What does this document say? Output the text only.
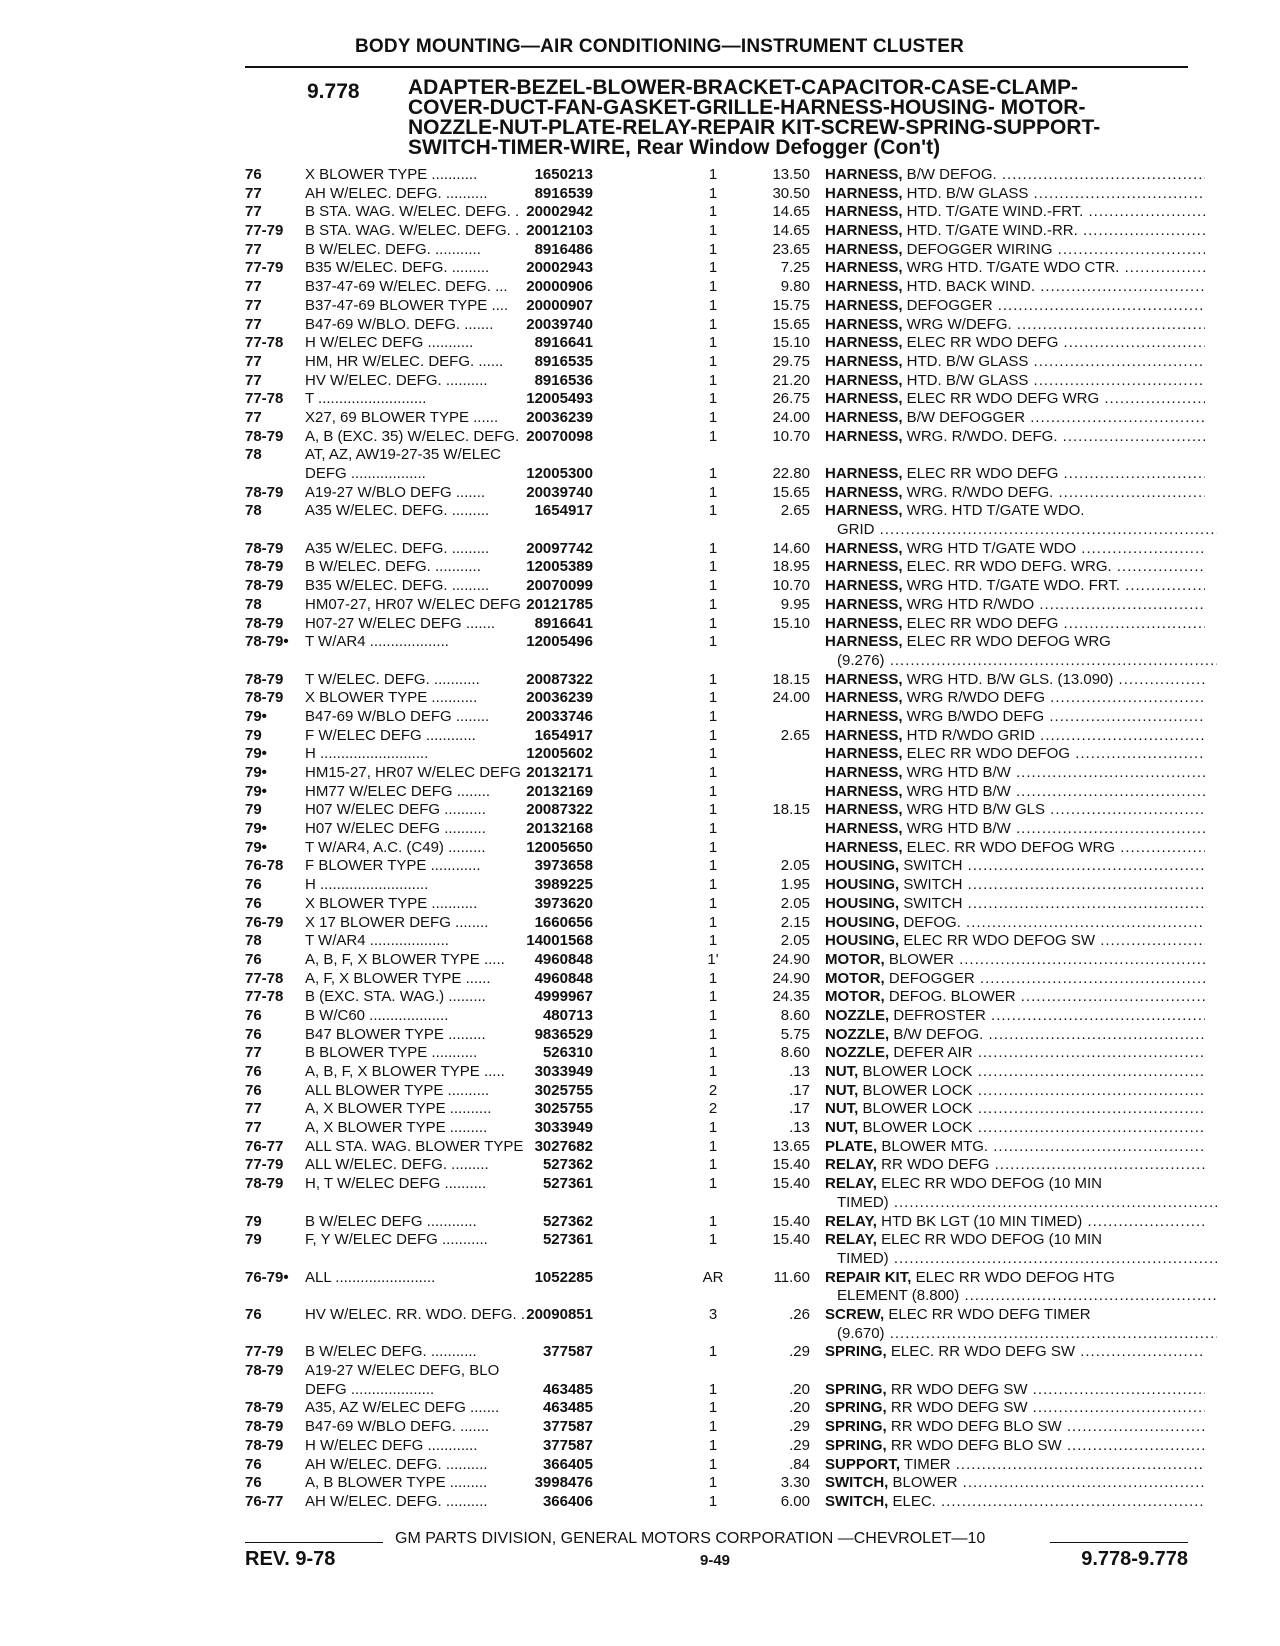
BODY MOUNTING—AIR CONDITIONING—INSTRUMENT CLUSTER
9.778 ADAPTER-BEZEL-BLOWER-BRACKET-CAPACITOR-CASE-CLAMP-
COVER-DUCT-FAN-GASKET-GRILLE-HARNESS-HOUSING- MOTOR-
NOZZLE-NUT-PLATE-RELAY-REPAIR KIT-SCREW-SPRING-SUPPORT-
SWITCH-TIMER-WIRE, Rear Window Defogger (Con't)
76	X BLOWER TYPE ...........	1650213	1	13.50 HARNESS, B/W DEFOG. .....
77	AH W/ELEC. DEFG. ..........	8916539	1	30.50 HARNESS, HTD. B/W GLASS .....
77	B STA. WAG. W/ELEC. DEFG. . 20002942	1	14.65 HARNESS, HTD. T/GATE WIND.-FRT. .....
77-79 B STA. WAG. W/ELEC. DEFG. . 20012103	1	14.65 HARNESS, HTD. T/GATE WIND.-RR. .....
77	B W/ELEC. DEFG. ...........	8916486	1	23.65 HARNESS, DEFOGGER WIRING .....
77-79 B35 W/ELEC. DEFG. .........	20002943	1	7.25 HARNESS, WRG HTD. T/GATE WDO CTR. .....
77	B37-47-69 W/ELEC. DEFG. ...	20000906	1	9.80 HARNESS, HTD. BACK WIND. .....
77	B37-47-69 BLOWER TYPE ....	20000907	1	15.75 HARNESS, DEFOGGER .....
77	B47-69 W/BLO. DEFG. .......	20039740	1	15.65 HARNESS, WRG W/DEFG. .....
77-78 H W/ELEC DEFG ...........	8916641	1	15.10 HARNESS, ELEC RR WDO DEFG .....
77	HM, HR W/ELEC. DEFG. ......	8916535	1	29.75 HARNESS, HTD. B/W GLASS .....
77	HV W/ELEC. DEFG. ..........	8916536	1	21.20 HARNESS, HTD. B/W GLASS .....
77-78 T ..........................	12005493	1	26.75 HARNESS, ELEC RR WDO DEFG WRG .....
77	X27, 69 BLOWER TYPE ......	20036239	1	24.00 HARNESS, B/W DEFOGGER .....
78-79 A, B (EXC. 35) W/ELEC. DEFG. 20070098	1	10.70 HARNESS, WRG. R/WDO. DEFG. .....
78	AT, AZ, AW19-27-35 W/ELEC
DEFG ..................	12005300	1	22.80 HARNESS, ELEC RR WDO DEFG .....
78-79 A19-27 W/BLO DEFG .......	20039740	1	15.65 HARNESS, WRG. R/WDO DEFG. .....
78	A35 W/ELEC. DEFG. .........	1654917	1	2.65 HARNESS, WRG. HTD T/GATE WDO.
GRID .....
78-79 A35 W/ELEC. DEFG. .........	20097742	1	14.60 HARNESS, WRG HTD T/GATE WDO .....
78-79 B W/ELEC. DEFG. ...........	12005389	1	18.95 HARNESS, ELEC. RR WDO DEFG. WRG. .....
78-79 B35 W/ELEC. DEFG. .........	20070099	1	10.70 HARNESS, WRG HTD. T/GATE WDO. FRT. .....
78	HM07-27, HR07 W/ELEC DEFG 20121785	1	9.95 HARNESS, WRG HTD R/WDO .....
78-79 H07-27 W/ELEC DEFG .......	8916641	1	15.10 HARNESS, ELEC RR WDO DEFG .....
78-79• T W/AR4 ...................	12005496	1	HARNESS, ELEC RR WDO DEFOG WRG
(9.276) .....
78-79 T W/ELEC. DEFG. ...........	20087322	1	18.15 HARNESS, WRG HTD. B/W GLS. (13.090) .....
78-79 X BLOWER TYPE ...........	20036239	1	24.00 HARNESS, WRG R/WDO DEFG .....
79•	B47-69 W/BLO DEFG ........	20033746	1	HARNESS, WRG B/WDO DEFG .....
79	F W/ELEC DEFG ............	1654917	1	2.65 HARNESS, HTD R/WDO GRID .....
79•	H ..........................	12005602	1	HARNESS, ELEC RR WDO DEFOG .....
79•	HM15-27, HR07 W/ELEC DEFG 20132171	1	HARNESS, WRG HTD B/W .....
79•	HM77 W/ELEC DEFG ........	20132169	1	HARNESS, WRG HTD B/W .....
79	H07 W/ELEC DEFG ..........	20087322	1	18.15 HARNESS, WRG HTD B/W GLS .....
79•	H07 W/ELEC DEFG ..........	20132168	1	HARNESS, WRG HTD B/W .....
79•	T W/AR4, A.C. (C49) .........	12005650	1	HARNESS, ELEC. RR WDO DEFOG WRG .....
76-78 F BLOWER TYPE ............	3973658	1	2.05 HOUSING, SWITCH .....
76	H ..........................	3989225	1	1.95 HOUSING, SWITCH .....
76	X BLOWER TYPE ...........	3973620	1	2.05 HOUSING, SWITCH .....
76-79 X 17 BLOWER DEFG ........	1660656	1	2.15 HOUSING, DEFOG. .....
78	T W/AR4 ...................	14001568	1	2.05 HOUSING, ELEC RR WDO DEFOG SW .....
76	A, B, F, X BLOWER TYPE .....	4960848	1'	24.90 MOTOR, BLOWER .....
77-78 A, F, X BLOWER TYPE ......	4960848	1	24.90 MOTOR, DEFOGGER .....
77-78 B (EXC. STA. WAG.) .........	4999967	1	24.35 MOTOR, DEFOG. BLOWER .....
76	B W/C60 ...................	480713	1	8.60 NOZZLE, DEFROSTER .....
76	B47 BLOWER TYPE .........	9836529	1	5.75 NOZZLE, B/W DEFOG. .....
77	B BLOWER TYPE ...........	526310	1	8.60 NOZZLE, DEFER AIR .....
76	A, B, F, X BLOWER TYPE .....	3033949	1	.13 NUT, BLOWER LOCK .....
76	ALL BLOWER TYPE ..........	3025755	2	.17 NUT, BLOWER LOCK .....
77	A, X BLOWER TYPE ..........	3025755	2	.17 NUT, BLOWER LOCK .....
77	A, X BLOWER TYPE .........	3033949	1	.13 NUT, BLOWER LOCK .....
76-77 ALL STA. WAG. BLOWER TYPE 3027682	1	13.65 PLATE, BLOWER MTG. .....
77-79 ALL W/ELEC. DEFG. .........	527362	1	15.40 RELAY, RR WDO DEFG .....
78-79 H, T W/ELEC DEFG ..........	527361	1	15.40 RELAY, ELEC RR WDO DEFOG (10 MIN
TIMED) .....
79	B W/ELEC DEFG ............	527362	1	15.40 RELAY, HTD BK LGT (10 MIN TIMED) .....
79	F, Y W/ELEC DEFG ...........	527361	1	15.40 RELAY, ELEC RR WDO DEFOG (10 MIN
TIMED) .....
76-79• ALL ........................	1052285	AR	11.60 REPAIR KIT, ELEC RR WDO DEFOG HTG
ELEMENT (8.800) .....
76	HV W/ELEC. RR. WDO. DEFG. . 20090851	3	.26 SCREW, ELEC RR WDO DEFG TIMER
(9.670) .....
77-79 B W/ELEC DEFG. ...........	377587	1	.29 SPRING, ELEC. RR WDO DEFG SW .....
78-79 A19-27 W/ELEC DEFG, BLO
DEFG ....................	463485	1	.20 SPRING, RR WDO DEFG SW .....
78-79 A35, AZ W/ELEC DEFG .......	463485	1	.20 SPRING, RR WDO DEFG SW .....
78-79 B47-69 W/BLO DEFG. .......	377587	1	.29 SPRING, RR WDO DEFG BLO SW .....
78-79 H W/ELEC DEFG ............	377587	1	.29 SPRING, RR WDO DEFG BLO SW .....
76	AH W/ELEC. DEFG. ..........	366405	1	.84 SUPPORT, TIMER .....
76	A, B BLOWER TYPE .........	3998476	1	3.30 SWITCH, BLOWER .....
76-77 AH W/ELEC. DEFG. ..........	366406	1	6.00 SWITCH, ELEC. .....
GM PARTS DIVISION, GENERAL MOTORS CORPORATION —CHEVROLET—10
REV. 9-78	9-49	9.778-9.778
